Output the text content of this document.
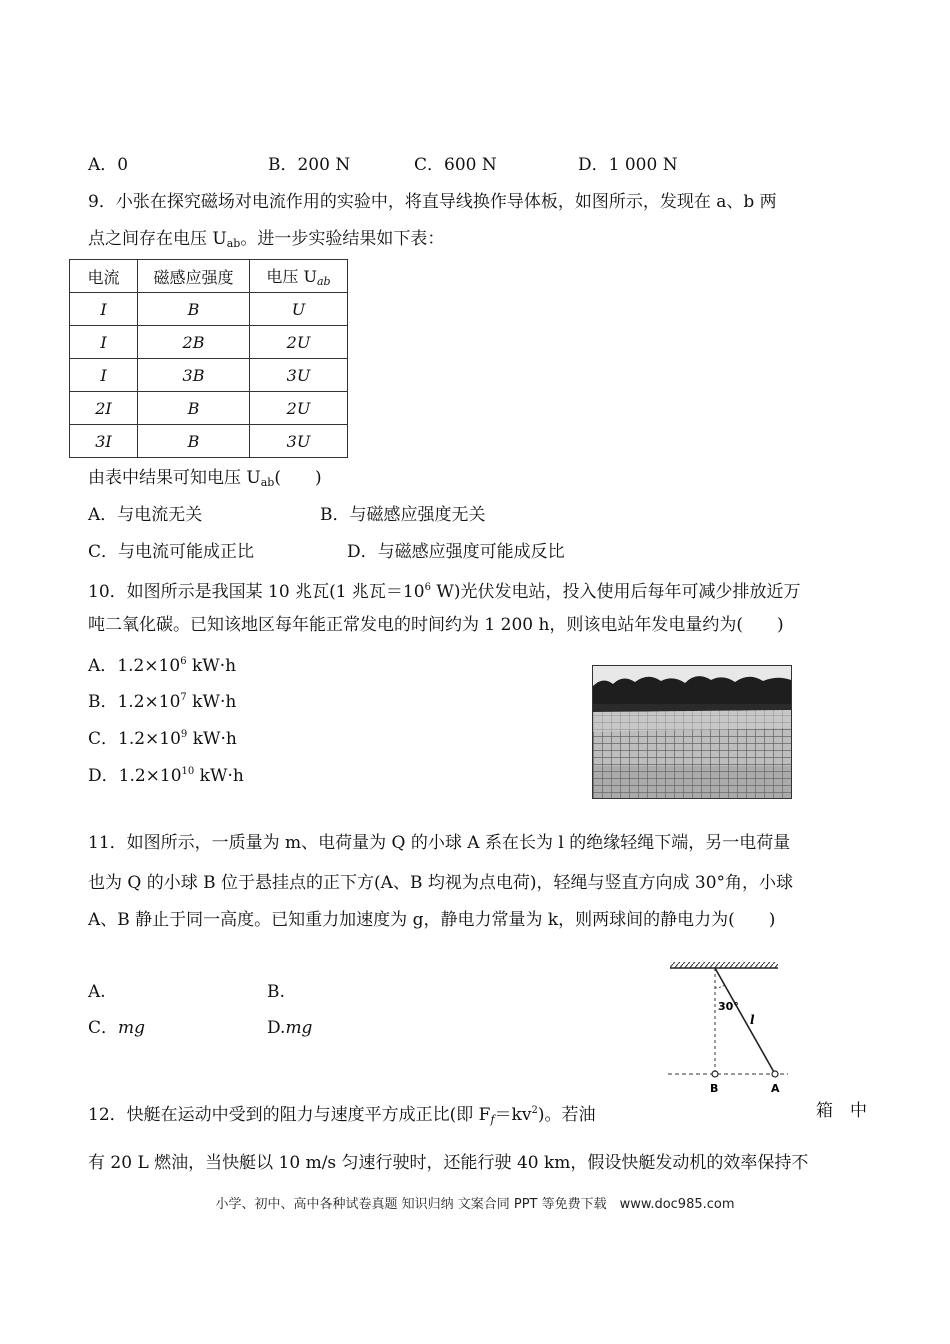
A．0	B．200 N	C．600 N	D．1 000 N
9．小张在探究磁场对电流作用的实验中，将直导线换作导体板，如图所示，发现在 a、b 两
点之间存在电压 $U_{ab}$。进一步实验结果如下表：
电流	磁感应强度	电压 $U_{ab}$
I	B	U
I	2B	2U
I	3B	3U
2I	B	2U
3I	B	3U
由表中结果可知电压 $U_{ab}$(　　)
A．与电流无关	B．与磁感应强度无关
C．与电流可能成正比	D．与磁感应强度可能成反比
10．如图所示是我国某 10 兆瓦(1 兆瓦$=10^6$ W)光伏发电站，投入使用后每年可减少排放近万
吨二氧化碳。已知该地区每年能正常发电的时间约为 1 200 h，则该电站年发电量约为(　　)
A．$1.2\times 10^6$ kW·h
B．$1.2\times 10^7$ kW·h
C．$1.2\times 10^9$ kW·h
D．$1.2\times 10^{10}$ kW·h
11．如图所示，一质量为 m、电荷量为 Q 的小球 A 系在长为 l 的绝缘轻绳下端，另一电荷量
也为 Q 的小球 B 位于悬挂点的正下方(A、B 均视为点电荷)，轻绳与竖直方向成 30°角，小球
A、B 静止于同一高度。已知重力加速度为 g，静电力常量为 k，则两球间的静电力为(　　)
A.	B.
C．mg	D.mg
30°
l
B	A
12．快艇在运动中受到的阻力与速度平方成正比(即 $F_f=kv^2$)。若油	箱　中
有 20 L 燃油，当快艇以 10 m/s 匀速行驶时，还能行驶 40 km，假设快艇发动机的效率保持不
小学、初中、高中各种试卷真题 知识归纳 文案合同 PPT 等免费下载　www.doc985.com
